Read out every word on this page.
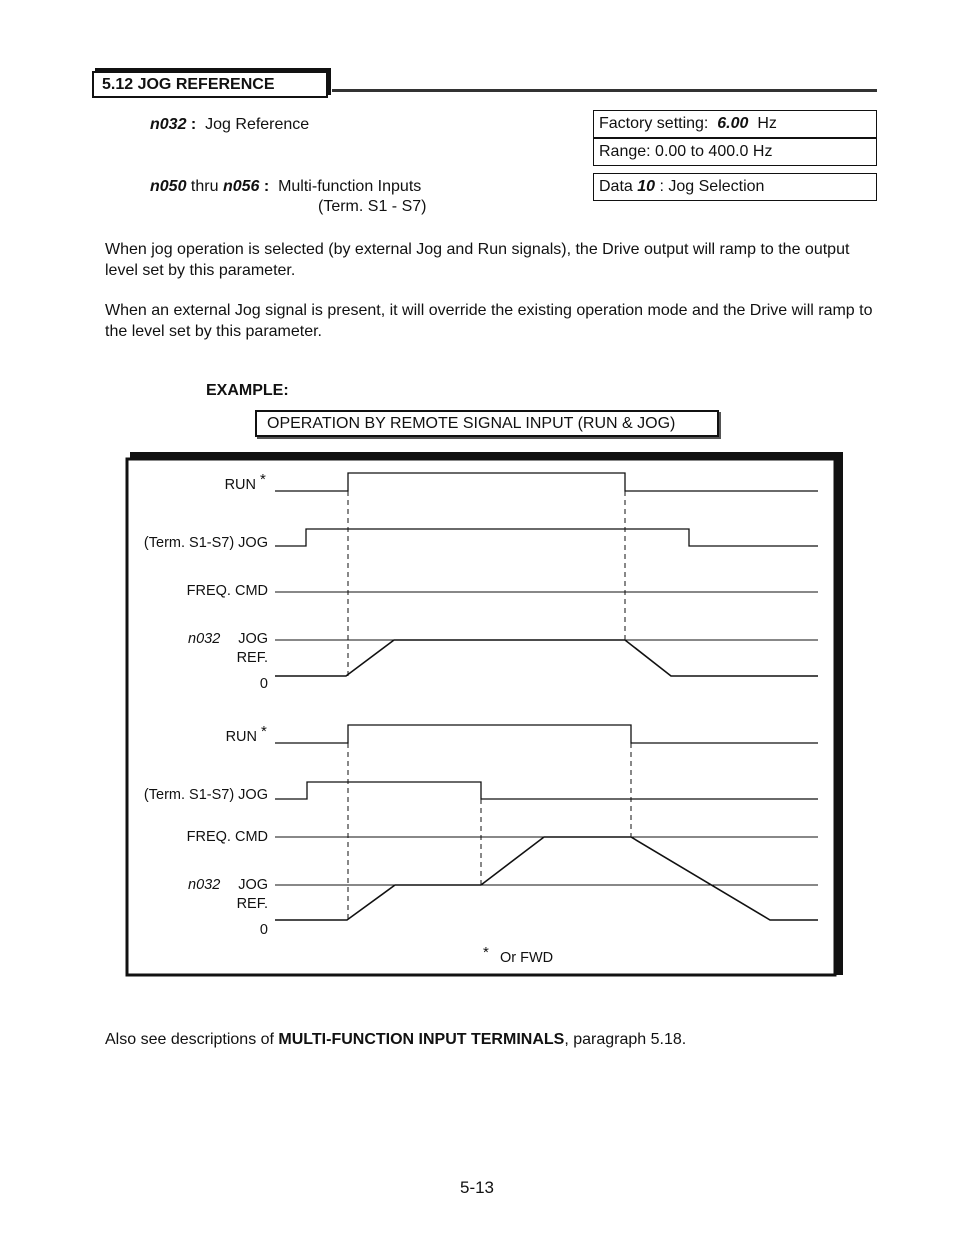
5.12 JOG REFERENCE
n032 : Jog Reference
n050 thru n056 : Multi-function Inputs
(Term. S1 - S7)
Factory setting:  6.00  Hz
Range: 0.00 to 400.0 Hz
Data 10 : Jog Selection
When jog operation is selected (by external Jog and Run signals), the Drive output will ramp to the output level set by this parameter.
When an external Jog signal is present, it will override the existing operation mode and the Drive will ramp to the level set by this parameter.
EXAMPLE:
OPERATION BY REMOTE SIGNAL INPUT (RUN & JOG)
RUN *
(Term. S1-S7) JOG
FREQ. CMD
n032 JOG
REF.
0
RUN *
(Term. S1-S7) JOG
FREQ. CMD
n032 JOG
REF.
0
* Or FWD
Also see descriptions of MULTI-FUNCTION INPUT TERMINALS, paragraph 5.18.
5-13
